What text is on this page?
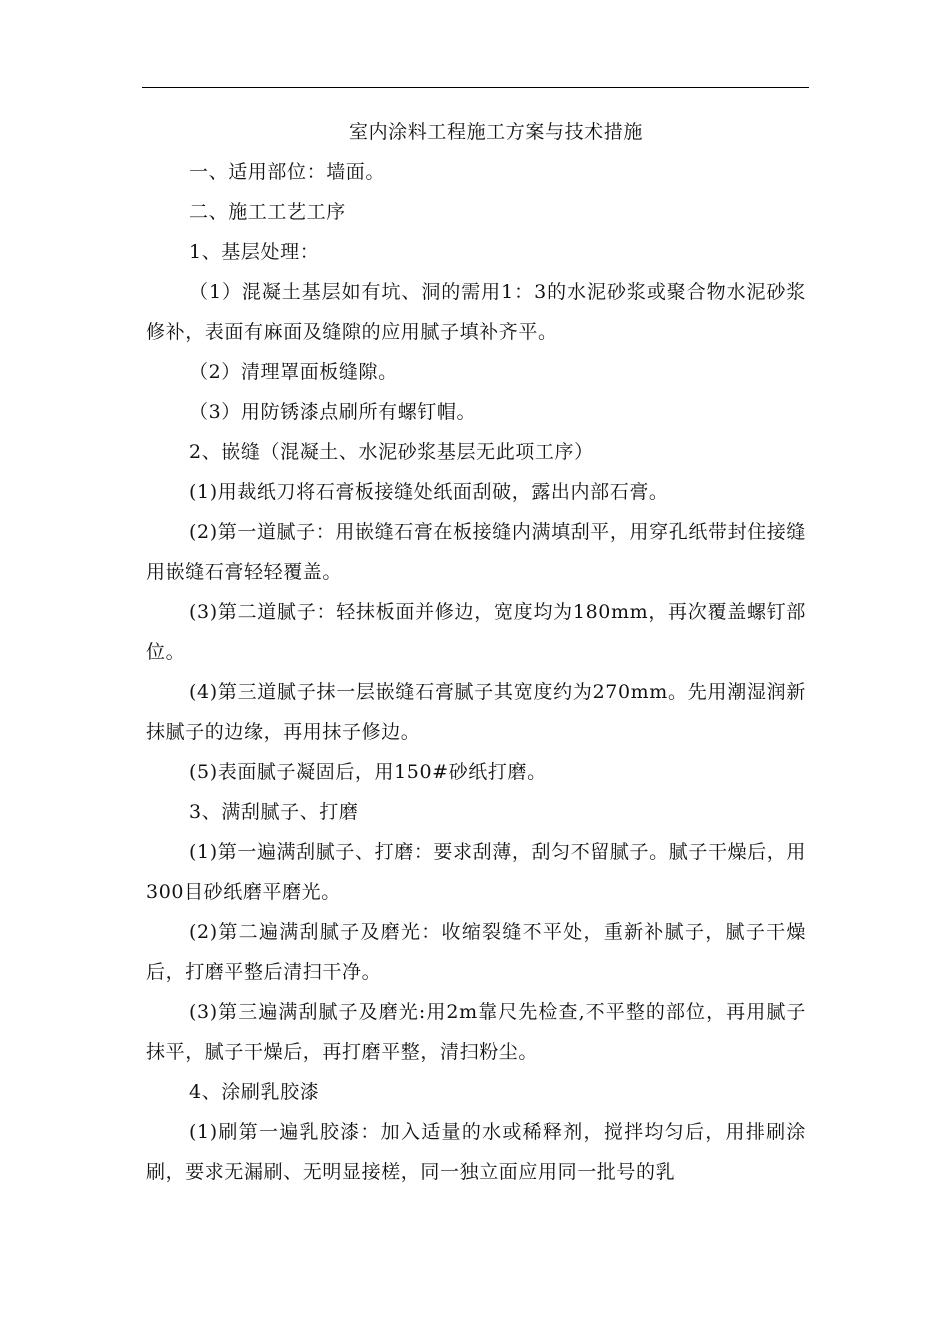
室内涂料工程施工方案与技术措施

一、适用部位：墙面。

二、施工工艺工序

1、基层处理：

（1）混凝土基层如有坑、洞的需用1：3的水泥砂浆或聚合物水泥砂浆修补，表面有麻面及缝隙的应用腻子填补齐平。

（2）清理罩面板缝隙。

（3）用防锈漆点刷所有螺钉帽。

2、嵌缝（混凝土、水泥砂浆基层无此项工序）

(1)用裁纸刀将石膏板接缝处纸面刮破，露出内部石膏。

(2)第一道腻子：用嵌缝石膏在板接缝内满填刮平，用穿孔纸带封住接缝用嵌缝石膏轻轻覆盖。

(3)第二道腻子：轻抹板面并修边，宽度均为180mm，再次覆盖螺钉部位。

(4)第三道腻子抹一层嵌缝石膏腻子其宽度约为270mm。先用潮湿润新抹腻子的边缘，再用抹子修边。

(5)表面腻子凝固后，用150#砂纸打磨。

3、满刮腻子、打磨

(1)第一遍满刮腻子、打磨：要求刮薄，刮匀不留腻子。腻子干燥后，用300目砂纸磨平磨光。

(2)第二遍满刮腻子及磨光：收缩裂缝不平处，重新补腻子，腻子干燥后，打磨平整后清扫干净。

(3)第三遍满刮腻子及磨光:用2m靠尺先检查,不平整的部位，再用腻子抹平，腻子干燥后，再打磨平整，清扫粉尘。

4、涂刷乳胶漆

(1)刷第一遍乳胶漆：加入适量的水或稀释剂，搅拌均匀后，用排刷涂刷，要求无漏刷、无明显接槎，同一独立面应用同一批号的乳
